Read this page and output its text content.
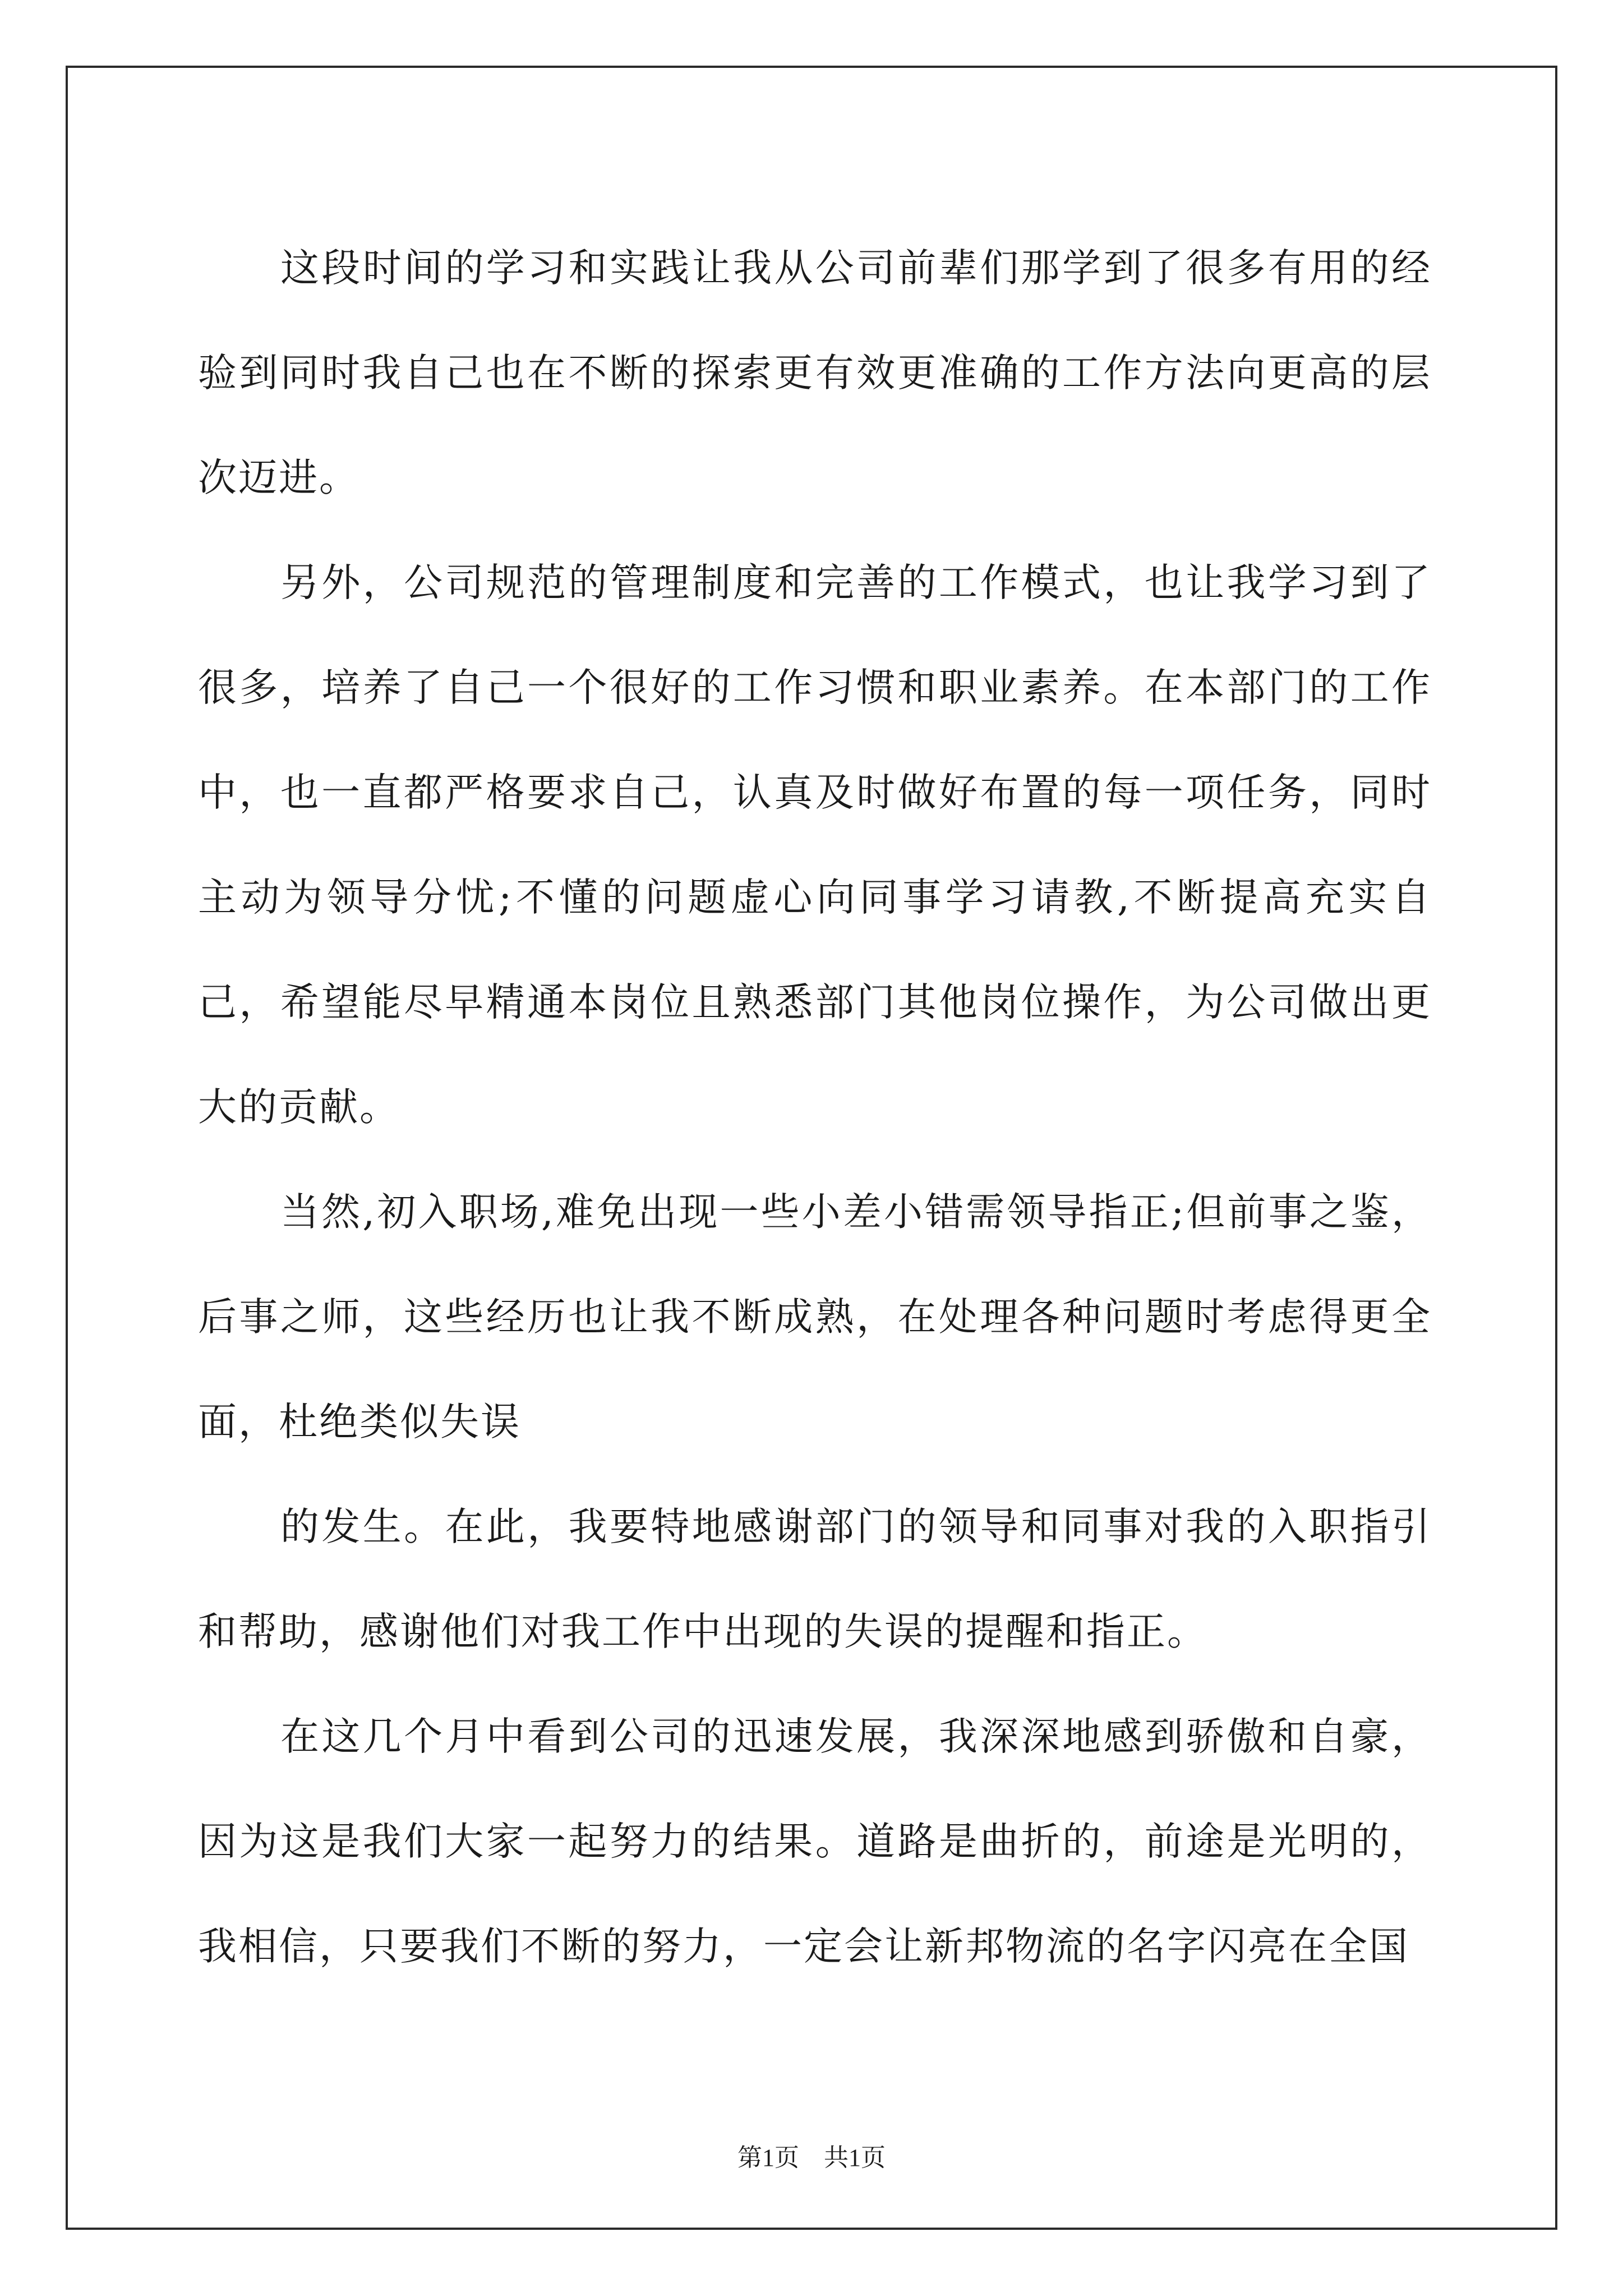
这段时间的学习和实践让我从公司前辈们那学到了很多有用的经验到同时我自己也在不断的探索更有效更准确的工作方法向更高的层次迈进。

另外，公司规范的管理制度和完善的工作模式，也让我学习到了很多，培养了自己一个很好的工作习惯和职业素养。在本部门的工作中，也一直都严格要求自己，认真及时做好布置的每一项任务，同时主动为领导分忧;不懂的问题虚心向同事学习请教,不断提高充实自己，希望能尽早精通本岗位且熟悉部门其他岗位操作，为公司做出更大的贡献。

当然,初入职场,难免出现一些小差小错需领导指正;但前事之鉴，后事之师，这些经历也让我不断成熟，在处理各种问题时考虑得更全面，杜绝类似失误

的发生。在此，我要特地感谢部门的领导和同事对我的入职指引和帮助，感谢他们对我工作中出现的失误的提醒和指正。

在这几个月中看到公司的迅速发展，我深深地感到骄傲和自豪，因为这是我们大家一起努力的结果。道路是曲折的，前途是光明的，我相信，只要我们不断的努力，一定会让新邦物流的名字闪亮在全国

第1页 共1页
